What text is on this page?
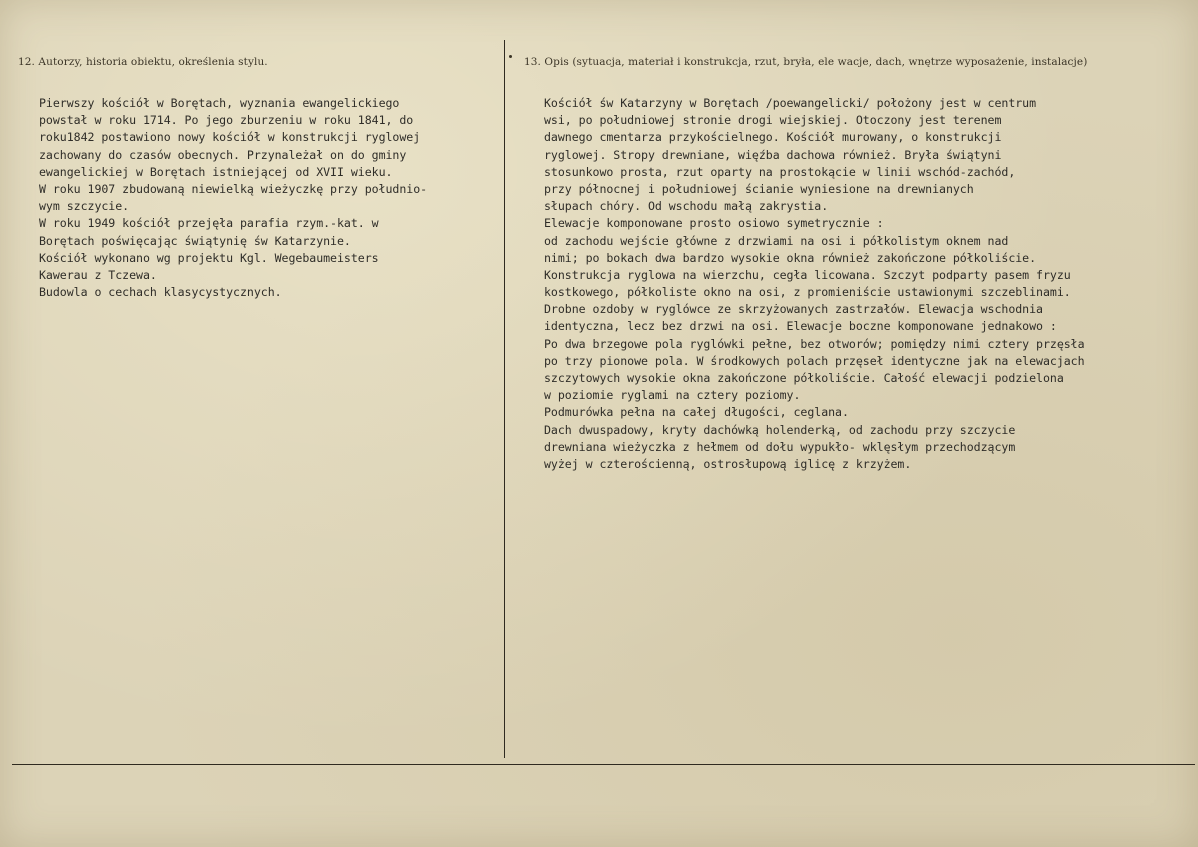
12. Autorzy, historia obiektu, określenia stylu.	13. Opis (sytuacja, materiał i konstrukcja, rzut, bryła, ele wacje, dach, wnętrze wyposażenie, instalacje)
Pierwszy kościół w Borętach, wyznania ewangelickiego
powstał w roku 1714. Po jego zburzeniu w roku 1841, do
roku1842 postawiono nowy kościół w konstrukcji ryglowej
zachowany do czasów obecnych. Przynależał on do gminy
ewangelickiej w Borętach istniejącej od XVII wieku.
W roku 1907 zbudowaną niewielką wieżyczkę przy południo-
wym szczycie.
W roku 1949 kościół przejęła parafia rzym.-kat. w
Borętach poświęcając świątynię św Katarzynie.
Kościół wykonano wg projektu Kgl. Wegebaumeisters
Kawerau z Tczewa.
Budowla o cechach klasycystycznych.
Kościół św Katarzyny w Borętach /poewangelicki/ położony jest w centrum
wsi, po południowej stronie drogi wiejskiej. Otoczony jest terenem
dawnego cmentarza przykościelnego. Kościół murowany, o konstrukcji
ryglowej. Stropy drewniane, więźba dachowa również. Bryła świątyni
stosunkowo prosta, rzut oparty na prostokącie w linii wschód-zachód,
przy północnej i południowej ścianie wyniesione na drewnianych
słupach chóry. Od wschodu małą zakrystia.
Elewacje komponowane prosto osiowo symetrycznie :
od zachodu wejście główne z drzwiami na osi i półkolistym oknem nad
nimi; po bokach dwa bardzo wysokie okna również zakończone półkoliście.
Konstrukcja ryglowa na wierzchu, cegła licowana. Szczyt podparty pasem fryzu
kostkowego, półkoliste okno na osi, z promieniście ustawionymi szczeblinami.
Drobne ozdoby w ryglówce ze skrzyżowanych zastrzałów. Elewacja wschodnia
identyczna, lecz bez drzwi na osi. Elewacje boczne komponowane jednakowo :
Po dwa brzegowe pola ryglówki pełne, bez otworów; pomiędzy nimi cztery przęsła
po trzy pionowe pola. W środkowych polach przęseł identyczne jak na elewacjach
szczytowych wysokie okna zakończone półkoliście. Całość elewacji podzielona
w poziomie ryglami na cztery poziomy.
Podmurówka pełna na całej długości, ceglana.
Dach dwuspadowy, kryty dachówką holenderką, od zachodu przy szczycie
drewniana wieżyczka z hełmem od dołu wypukło- wklęsłym przechodzącym
wyżej w czterościenną, ostrosłupową iglicę z krzyżem.
